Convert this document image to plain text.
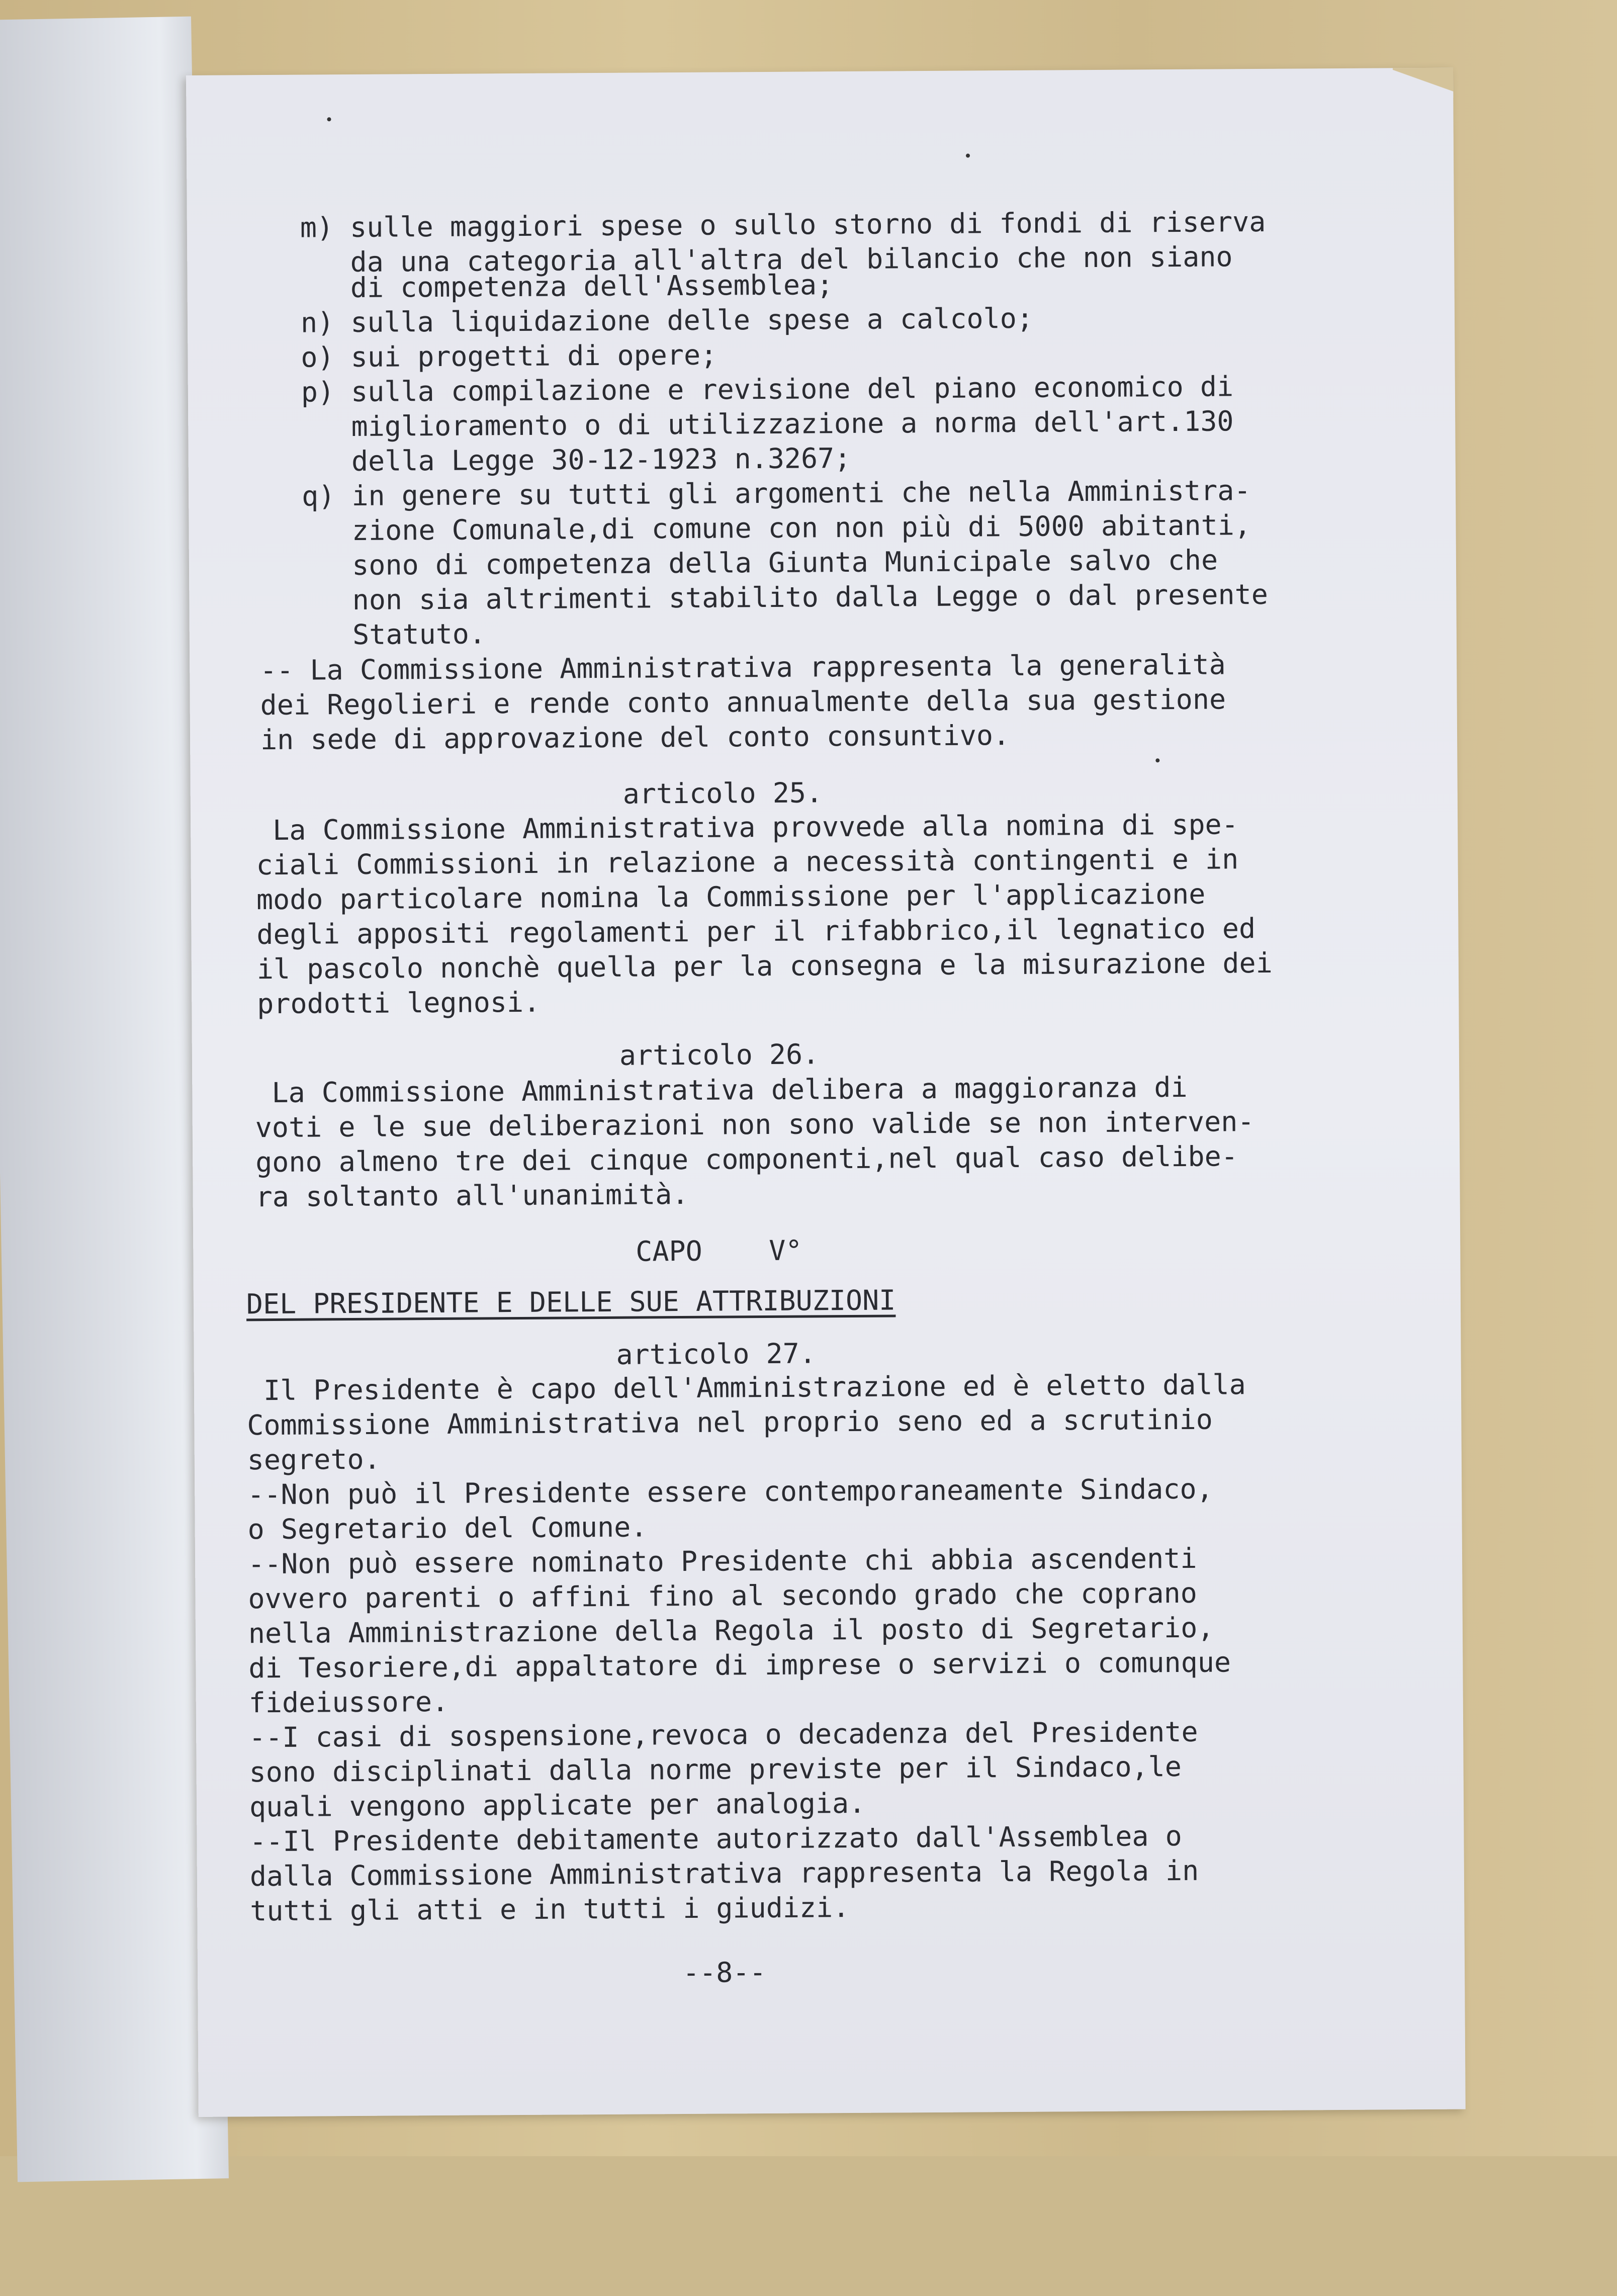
m) sulle maggiori spese o sullo storno di fondi di riserva

da una categoria all'altra del bilancio che non siano

di competenza dell'Assemblea;

n) sulla liquidazione delle spese a calcolo;

o) sui progetti di opere;

p) sulla compilazione e revisione del piano economico di

miglioramento o di utilizzazione a norma dell'art.130

della Legge 30-12-1923 n.3267;

q) in genere su tutti gli argomenti che nella Amministra-

zione Comunale,di comune con non più di 5000 abitanti,

sono di competenza della Giunta Municipale salvo che

non sia altrimenti stabilito dalla Legge o dal presente

Statuto.

-- La Commissione Amministrativa rappresenta la generalità

dei Regolieri e rende conto annualmente della sua gestione

in sede di approvazione del conto consuntivo.

articolo 25.

La Commissione Amministrativa provvede alla nomina di spe-

ciali Commissioni in relazione a necessità contingenti e in

modo particolare nomina la Commissione per l'applicazione

degli appositi regolamenti per il rifabbrico,il legnatico ed

il pascolo nonchè quella per la consegna e la misurazione dei

prodotti legnosi.

articolo 26.

La Commissione Amministrativa delibera a maggioranza di

voti e le sue deliberazioni non sono valide se non interven-

gono almeno tre dei cinque componenti,nel qual caso delibe-

ra soltanto all'unanimità.

CAPO    V°

DEL PRESIDENTE E DELLE SUE ATTRIBUZIONI

articolo 27.

Il Presidente è capo dell'Amministrazione ed è eletto dalla

Commissione Amministrativa nel proprio seno ed a scrutinio

segreto.

--Non può il Presidente essere contemporaneamente Sindaco,

o Segretario del Comune.

--Non può essere nominato Presidente chi abbia ascendenti

ovvero parenti o affini fino al secondo grado che coprano

nella Amministrazione della Regola il posto di Segretario,

di Tesoriere,di appaltatore di imprese o servizi o comunque

fideiussore.

--I casi di sospensione,revoca o decadenza del Presidente

sono disciplinati dalla norme previste per il Sindaco,le

quali vengono applicate per analogia.

--Il Presidente debitamente autorizzato dall'Assemblea o

dalla Commissione Amministrativa rappresenta la Regola in

tutti gli atti e in tutti i giudizi.

--8--
